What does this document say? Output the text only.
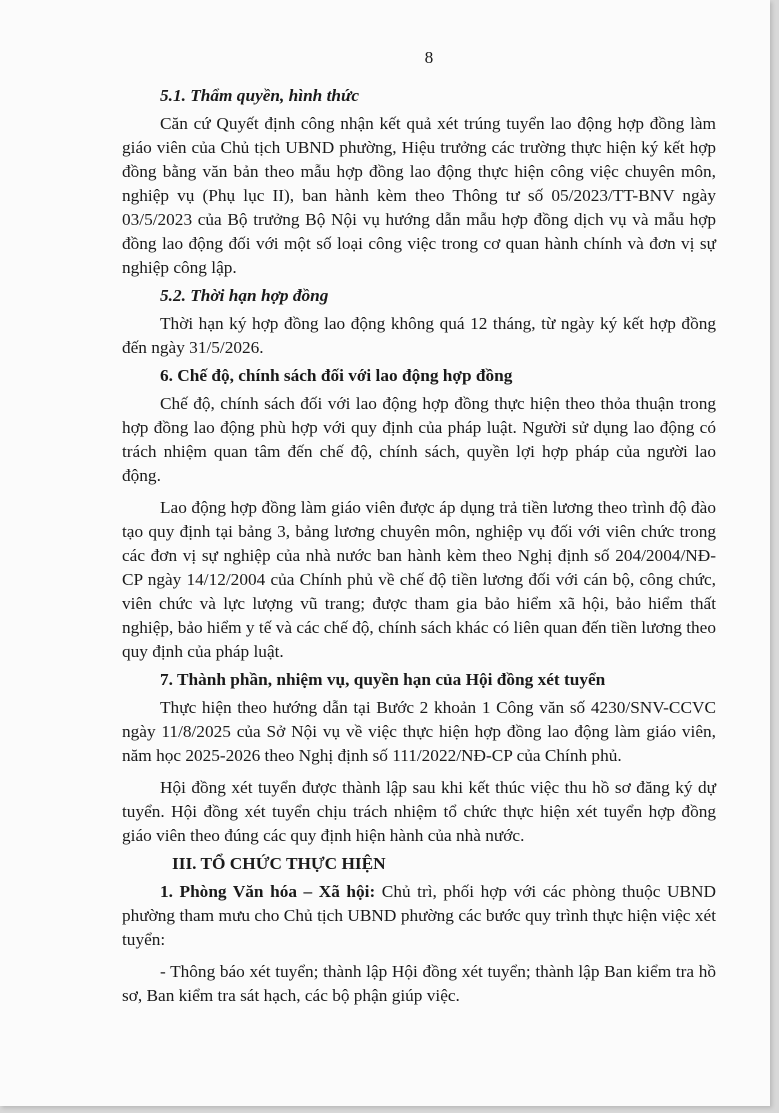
8
5.1. Thẩm quyền, hình thức

Căn cứ Quyết định công nhận kết quả xét trúng tuyển lao động hợp đồng làm giáo viên của Chủ tịch UBND phường, Hiệu trưởng các trường thực hiện ký kết hợp đồng bằng văn bản theo mẫu hợp đồng lao động thực hiện công việc chuyên môn, nghiệp vụ (Phụ lục II), ban hành kèm theo Thông tư số 05/2023/TT-BNV ngày 03/5/2023 của Bộ trưởng Bộ Nội vụ hướng dẫn mẫu hợp đồng dịch vụ và mẫu hợp đồng lao động đối với một số loại công việc trong cơ quan hành chính và đơn vị sự nghiệp công lập.

5.2. Thời hạn hợp đồng

Thời hạn ký hợp đồng lao động không quá 12 tháng, từ ngày ký kết hợp đồng đến ngày 31/5/2026.

6. Chế độ, chính sách đối với lao động hợp đồng

Chế độ, chính sách đối với lao động hợp đồng thực hiện theo thỏa thuận trong hợp đồng lao động phù hợp với quy định của pháp luật. Người sử dụng lao động có trách nhiệm quan tâm đến chế độ, chính sách, quyền lợi hợp pháp của người lao động.

Lao động hợp đồng làm giáo viên được áp dụng trả tiền lương theo trình độ đào tạo quy định tại bảng 3, bảng lương chuyên môn, nghiệp vụ đối với viên chức trong các đơn vị sự nghiệp của nhà nước ban hành kèm theo Nghị định số 204/2004/NĐ-CP ngày 14/12/2004 của Chính phủ về chế độ tiền lương đối với cán bộ, công chức, viên chức và lực lượng vũ trang; được tham gia bảo hiểm xã hội, bảo hiểm thất nghiệp, bảo hiểm y tế và các chế độ, chính sách khác có liên quan đến tiền lương theo quy định của pháp luật.

7. Thành phần, nhiệm vụ, quyền hạn của Hội đồng xét tuyển

Thực hiện theo hướng dẫn tại Bước 2 khoản 1 Công văn số 4230/SNV-CCVC ngày 11/8/2025 của Sở Nội vụ về việc thực hiện hợp đồng lao động làm giáo viên, năm học 2025-2026 theo Nghị định số 111/2022/NĐ-CP của Chính phủ.

Hội đồng xét tuyển được thành lập sau khi kết thúc việc thu hồ sơ đăng ký dự tuyển. Hội đồng xét tuyển chịu trách nhiệm tổ chức thực hiện xét tuyển hợp đồng giáo viên theo đúng các quy định hiện hành của nhà nước.

III. TỔ CHỨC THỰC HIỆN

1. Phòng Văn hóa – Xã hội: Chủ trì, phối hợp với các phòng thuộc UBND phường tham mưu cho Chủ tịch UBND phường các bước quy trình thực hiện việc xét tuyển:

- Thông báo xét tuyển; thành lập Hội đồng xét tuyển; thành lập Ban kiểm tra hồ sơ, Ban kiểm tra sát hạch, các bộ phận giúp việc.
